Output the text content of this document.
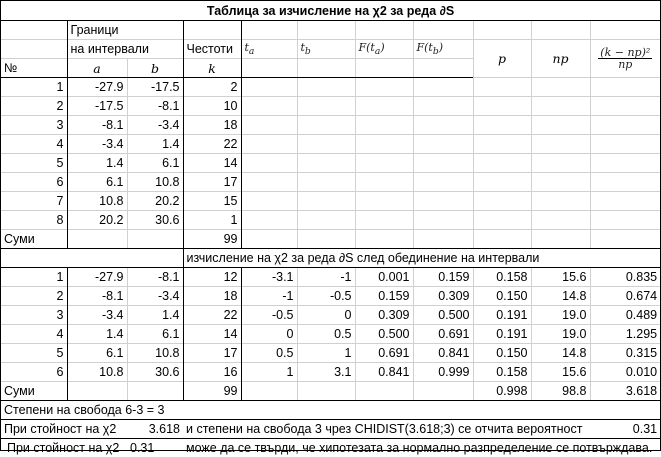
Таблица за изчисление на χ2 за реда ∂S										
	Граници									
	на интервали		Честоти	$t_a$	$t_b$	$F(t_a)$	$F(t_b)$	p	np	$\frac{\text{(k − np)²}}{np}$

№	a	b	k							
1	-27.9	-17.5	2							
2	-17.5	-8.1	10							
3	-8.1	-3.4	18							
4	-3.4	1.4	22							
5	1.4	6.1	14							
6	6.1	10.8	17							
7	10.8	20.2	15							
8	20.2	30.6	1							
Суми			99							
			изчисление на χ2 за реда ∂S след обединение на интервали							
1	-27.9	-8.1	12	-3.1	-1	0.001	0.159	0.158	15.6	0.835
2	-8.1	-3.4	18	-1	-0.5	0.159	0.309	0.150	14.8	0.674
3	-3.4	1.4	22	-0.5	0	0.309	0.500	0.191	19.0	0.489
4	1.4	6.1	14	0	0.5	0.500	0.691	0.191	19.0	1.295
5	6.1	10.8	17	0.5	1	0.691	0.841	0.150	14.8	0.315
6	10.8	30.6	16	1	3.1	0.841	0.999	0.158	15.6	0.010
Суми			99					0.998	98.8	3.618
Степени на свобода 6-3 = 3										
При стойност на χ2		3.618	и степени на свобода 3 чрез CHIDIST(3.618;3) се отчита вероятност							0.31
При стойност на χ2		0.31	може да се твърди, че хипотезата за нормално разпределение се потвърждава.							
